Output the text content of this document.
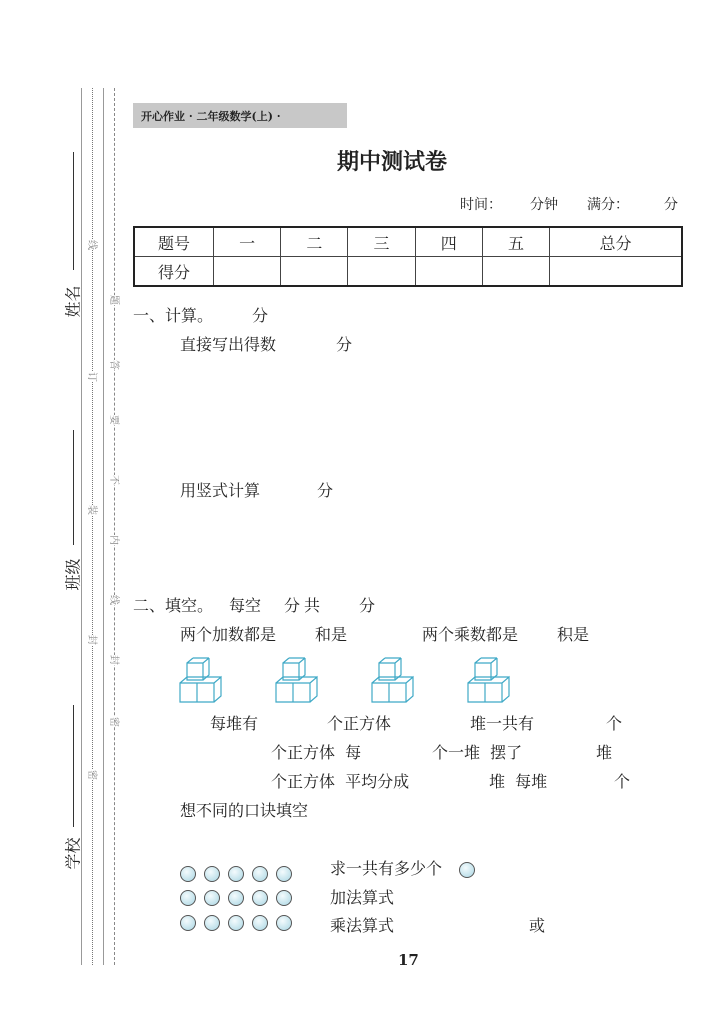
线
订
装
封
密
题
答
要
不
内
线
封
密
姓名
班级
学校
开心作业 · 二年级数学(上) ·
期中测试卷
时间： 分钟 满分：	分
题号	一	二	三	四	五	总分
得分						
一、计算。 分
直接写出得数	分
用竖式计算	分
二、填空。 每空 分 共 分
两个加数都是 和是	两个乘数都是 积是
每堆有	个正方体	堆一共有	个
个正方体  每	个一堆  摆了	堆
个正方体  平均分成	堆  每堆	个
想不同的口诀填空
求一共有多少个
加法算式
乘法算式	或
17
